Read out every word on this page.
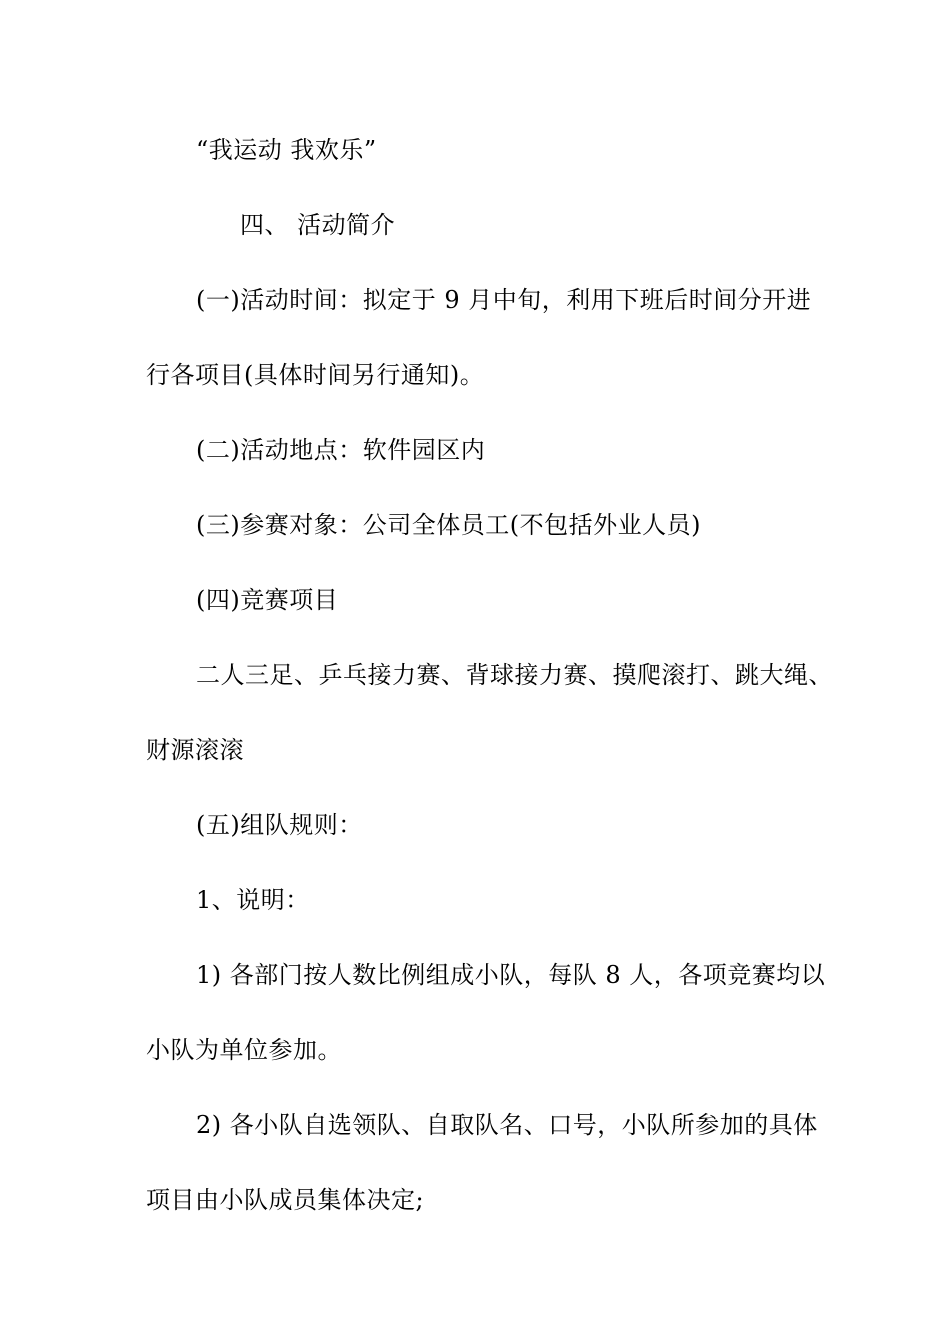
“我运动 我欢乐”
四、 活动简介
(一)活动时间：拟定于 9 月中旬，利用下班后时间分开进
行各项目(具体时间另行通知)。
(二)活动地点：软件园区内
(三)参赛对象：公司全体员工(不包括外业人员)
(四)竞赛项目
二人三足、乒乓接力赛、背球接力赛、摸爬滚打、跳大绳、
财源滚滚
(五)组队规则：
1、说明：
1) 各部门按人数比例组成小队，每队 8 人，各项竞赛均以
小队为单位参加。
2) 各小队自选领队、自取队名、口号，小队所参加的具体
项目由小队成员集体决定;
